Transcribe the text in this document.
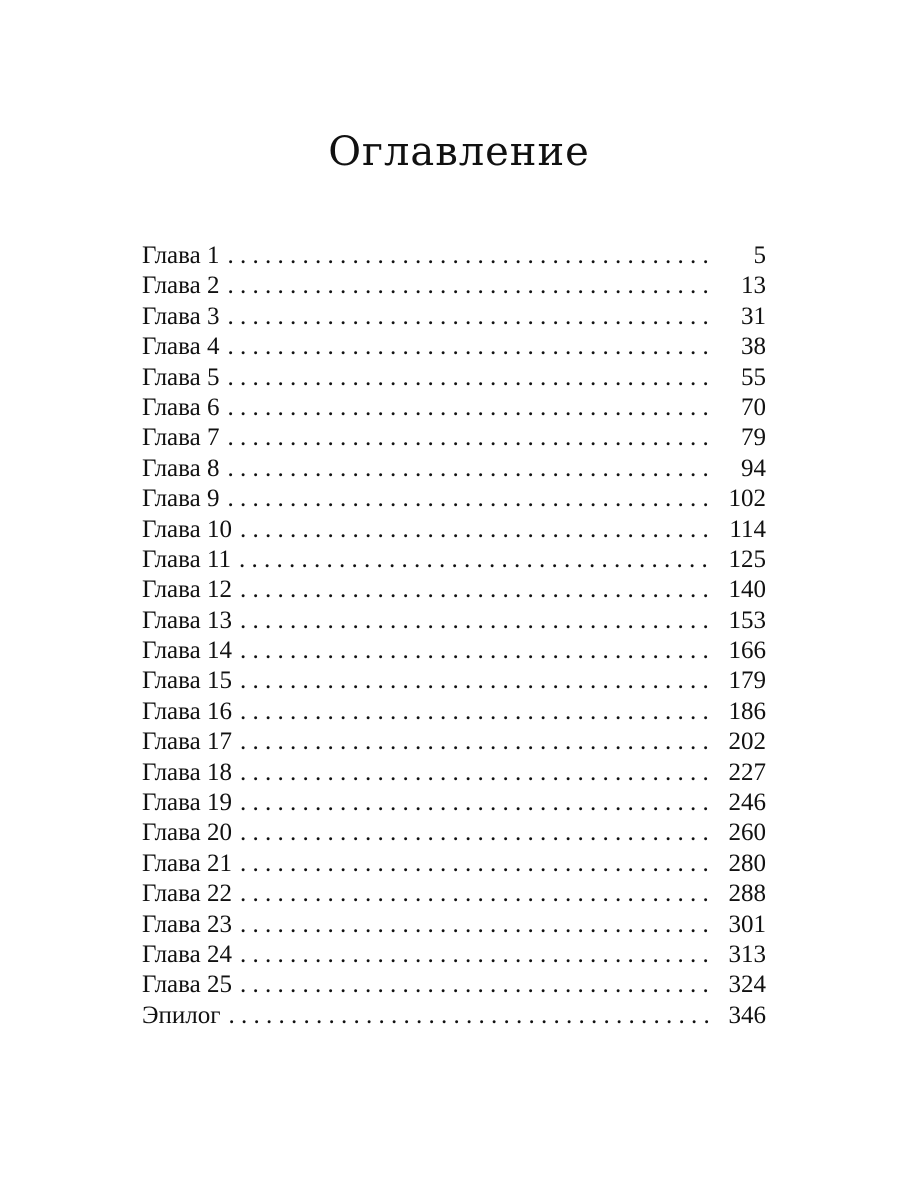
Оглавление
Глава 1 . . .	5
Глава 2 . . .	13
Глава 3 . . .	31
Глава 4 . . .	38
Глава 5 . . .	55
Глава 6 . . .	70
Глава 7 . . .	79
Глава 8 . . .	94
Глава 9 . . .	102
Глава 10 . . .	114
Глава 11 . . .	125
Глава 12 . . .	140
Глава 13 . . .	153
Глава 14 . . .	166
Глава 15 . . .	179
Глава 16 . . .	186
Глава 17 . . .	202
Глава 18 . . .	227
Глава 19 . . .	246
Глава 20 . . .	260
Глава 21 . . .	280
Глава 22 . . .	288
Глава 23 . . .	301
Глава 24 . . .	313
Глава 25 . . .	324
Эпилог . . .	346
